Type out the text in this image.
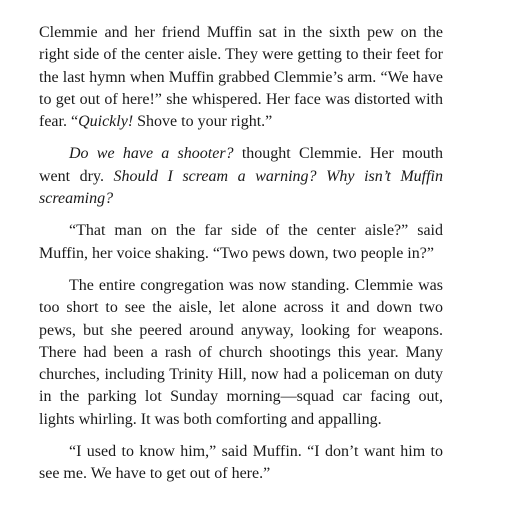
Clemmie and her friend Muffin sat in the sixth pew on the right side of the center aisle. They were getting to their feet for the last hymn when Muffin grabbed Clemmie’s arm. “We have to get out of here!” she whispered. Her face was distorted with fear. “Quickly! Shove to your right.”

Do we have a shooter? thought Clemmie. Her mouth went dry. Should I scream a warning? Why isn’t Muffin screaming?

“That man on the far side of the center aisle?” said Muffin, her voice shaking. “Two pews down, two people in?”

The entire congregation was now standing. Clemmie was too short to see the aisle, let alone across it and down two pews, but she peered around anyway, looking for weapons. There had been a rash of church shootings this year. Many churches, including Trinity Hill, now had a policeman on duty in the parking lot Sunday morning—squad car facing out, lights whirling. It was both comforting and appalling.

“I used to know him,” said Muffin. “I don’t want him to see me. We have to get out of here.”
